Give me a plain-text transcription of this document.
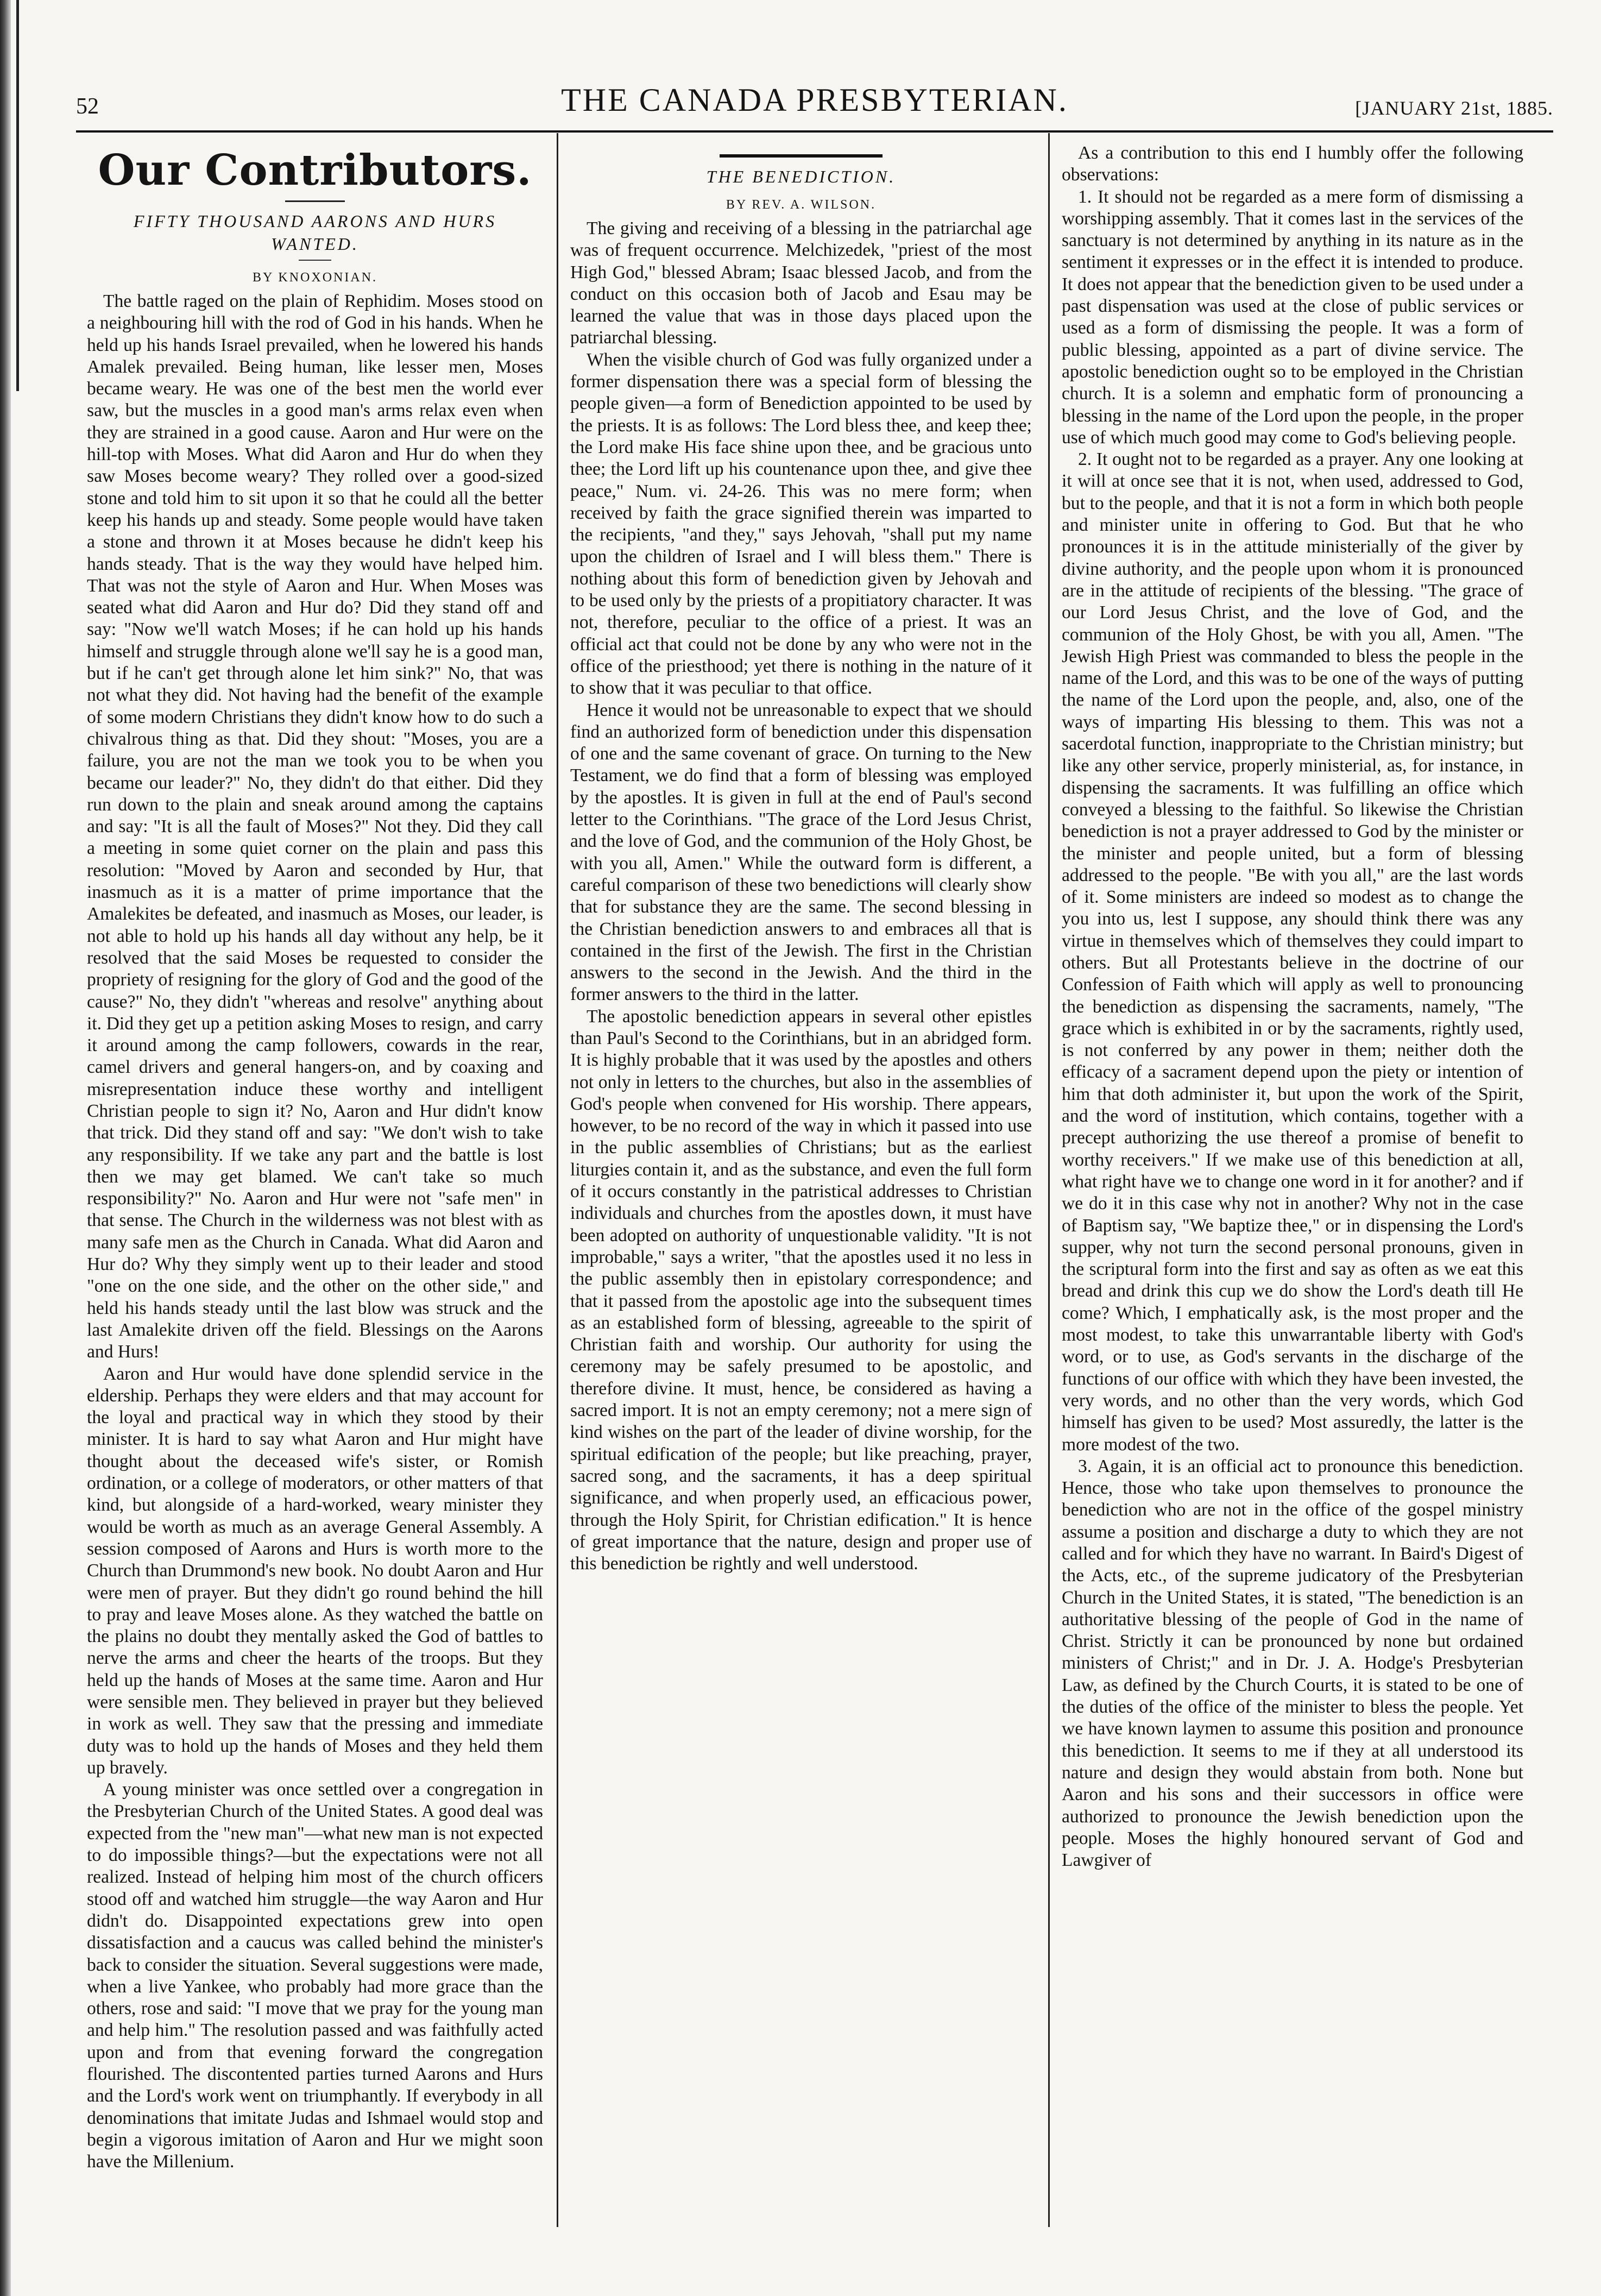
52	THE CANADA PRESBYTERIAN.	[JANUARY 21st, 1885.
Our Contributors.
FIFTY THOUSAND AARONS AND HURS WANTED.
BY KNOXONIAN.

The battle raged on the plain of Rephidim. Moses stood on a neighbouring hill with the rod of God in his hands. When he held up his hands Israel prevailed, when he lowered his hands Amalek prevailed. Being human, like lesser men, Moses became weary. He was one of the best men the world ever saw, but the muscles in a good man's arms relax even when they are strained in a good cause. Aaron and Hur were on the hill-top with Moses. What did Aaron and Hur do when they saw Moses become weary? They rolled over a good-sized stone and told him to sit upon it so that he could all the better keep his hands up and steady. Some people would have taken a stone and thrown it at Moses because he didn't keep his hands steady. That is the way they would have helped him. That was not the style of Aaron and Hur. When Moses was seated what did Aaron and Hur do? Did they stand off and say: "Now we'll watch Moses; if he can hold up his hands himself and struggle through alone we'll say he is a good man, but if he can't get through alone let him sink?" No, that was not what they did. Not having had the benefit of the example of some modern Christians they didn't know how to do such a chivalrous thing as that. Did they shout: "Moses, you are a failure, you are not the man we took you to be when you became our leader?" No, they didn't do that either. Did they run down to the plain and sneak around among the captains and say: "It is all the fault of Moses?" Not they. Did they call a meeting in some quiet corner on the plain and pass this resolution: "Moved by Aaron and seconded by Hur, that inasmuch as it is a matter of prime importance that the Amalekites be defeated, and inasmuch as Moses, our leader, is not able to hold up his hands all day without any help, be it resolved that the said Moses be requested to consider the propriety of resigning for the glory of God and the good of the cause?" No, they didn't "whereas and resolve" anything about it. Did they get up a petition asking Moses to resign, and carry it around among the camp followers, cowards in the rear, camel drivers and general hangers-on, and by coaxing and misrepresentation induce these worthy and intelligent Christian people to sign it? No, Aaron and Hur didn't know that trick. Did they stand off and say: "We don't wish to take any responsibility. If we take any part and the battle is lost then we may get blamed. We can't take so much responsibility?" No. Aaron and Hur were not "safe men" in that sense. The Church in the wilderness was not blest with as many safe men as the Church in Canada. What did Aaron and Hur do? Why they simply went up to their leader and stood "one on the one side, and the other on the other side," and held his hands steady until the last blow was struck and the last Amalekite driven off the field. Blessings on the Aarons and Hurs!

Aaron and Hur would have done splendid service in the eldership. Perhaps they were elders and that may account for the loyal and practical way in which they stood by their minister. It is hard to say what Aaron and Hur might have thought about the deceased wife's sister, or Romish ordination, or a college of moderators, or other matters of that kind, but alongside of a hard-worked, weary minister they would be worth as much as an average General Assembly. A session composed of Aarons and Hurs is worth more to the Church than Drummond's new book. No doubt Aaron and Hur were men of prayer. But they didn't go round behind the hill to pray and leave Moses alone. As they watched the battle on the plains no doubt they mentally asked the God of battles to nerve the arms and cheer the hearts of the troops. But they held up the hands of Moses at the same time. Aaron and Hur were sensible men. They believed in prayer but they believed in work as well. They saw that the pressing and immediate duty was to hold up the hands of Moses and they held them up bravely.

A young minister was once settled over a congregation in the Presbyterian Church of the United States. A good deal was expected from the "new man"—what new man is not expected to do impossible things?—but the expectations were not all realized. Instead of helping him most of the church officers stood off and watched him struggle—the way Aaron and Hur didn't do. Disappointed expectations grew into open dissatisfaction and a caucus was called behind the minister's back to consider the situation. Several suggestions were made, when a live Yankee, who probably had more grace than the others, rose and said: "I move that we pray for the young man and help him." The resolution passed and was faithfully acted upon and from that evening forward the congregation flourished. The discontented parties turned Aarons and Hurs and the Lord's work went on triumphantly. If everybody in all denominations that imitate Judas and Ishmael would stop and begin a vigorous imitation of Aaron and Hur we might soon have the Millenium.

THE BENEDICTION.
BY REV. A. WILSON.

The giving and receiving of a blessing in the patriarchal age was of frequent occurrence. Melchizedek, "priest of the most High God," blessed Abram; Isaac blessed Jacob, and from the conduct on this occasion both of Jacob and Esau may be learned the value that was in those days placed upon the patriarchal blessing.

When the visible church of God was fully organized under a former dispensation there was a special form of blessing the people given—a form of Benediction appointed to be used by the priests. It is as follows: The Lord bless thee, and keep thee; the Lord make His face shine upon thee, and be gracious unto thee; the Lord lift up his countenance upon thee, and give thee peace," Num. vi. 24-26. This was no mere form; when received by faith the grace signified therein was imparted to the recipients, "and they," says Jehovah, "shall put my name upon the children of Israel and I will bless them." There is nothing about this form of benediction given by Jehovah and to be used only by the priests of a propitiatory character. It was not, therefore, peculiar to the office of a priest. It was an official act that could not be done by any who were not in the office of the priesthood; yet there is nothing in the nature of it to show that it was peculiar to that office.

Hence it would not be unreasonable to expect that we should find an authorized form of benediction under this dispensation of one and the same covenant of grace. On turning to the New Testament, we do find that a form of blessing was employed by the apostles. It is given in full at the end of Paul's second letter to the Corinthians. "The grace of the Lord Jesus Christ, and the love of God, and the communion of the Holy Ghost, be with you all, Amen." While the outward form is different, a careful comparison of these two benedictions will clearly show that for substance they are the same. The second blessing in the Christian benediction answers to and embraces all that is contained in the first of the Jewish. The first in the Christian answers to the second in the Jewish. And the third in the former answers to the third in the latter.

The apostolic benediction appears in several other epistles than Paul's Second to the Corinthians, but in an abridged form. It is highly probable that it was used by the apostles and others not only in letters to the churches, but also in the assemblies of God's people when convened for His worship. There appears, however, to be no record of the way in which it passed into use in the public assemblies of Christians; but as the earliest liturgies contain it, and as the substance, and even the full form of it occurs constantly in the patristical addresses to Christian individuals and churches from the apostles down, it must have been adopted on authority of unquestionable validity. "It is not improbable," says a writer, "that the apostles used it no less in the public assembly then in epistolary correspondence; and that it passed from the apostolic age into the subsequent times as an established form of blessing, agreeable to the spirit of Christian faith and worship. Our authority for using the ceremony may be safely presumed to be apostolic, and therefore divine. It must, hence, be considered as having a sacred import. It is not an empty ceremony; not a mere sign of kind wishes on the part of the leader of divine worship, for the spiritual edification of the people; but like preaching, prayer, sacred song, and the sacraments, it has a deep spiritual significance, and when properly used, an efficacious power, through the Holy Spirit, for Christian edification." It is hence of great importance that the nature, design and proper use of this benediction be rightly and well understood.

As a contribution to this end I humbly offer the following observations:

1. It should not be regarded as a mere form of dismissing a worshipping assembly. That it comes last in the services of the sanctuary is not determined by anything in its nature as in the sentiment it expresses or in the effect it is intended to produce. It does not appear that the benediction given to be used under a past dispensation was used at the close of public services or used as a form of dismissing the people. It was a form of public blessing, appointed as a part of divine service. The apostolic benediction ought so to be employed in the Christian church. It is a solemn and emphatic form of pronouncing a blessing in the name of the Lord upon the people, in the proper use of which much good may come to God's believing people.

2. It ought not to be regarded as a prayer. Any one looking at it will at once see that it is not, when used, addressed to God, but to the people, and that it is not a form in which both people and minister unite in offering to God. But that he who pronounces it is in the attitude ministerially of the giver by divine authority, and the people upon whom it is pronounced are in the attitude of recipients of the blessing. "The grace of our Lord Jesus Christ, and the love of God, and the communion of the Holy Ghost, be with you all, Amen. "The Jewish High Priest was commanded to bless the people in the name of the Lord, and this was to be one of the ways of putting the name of the Lord upon the people, and, also, one of the ways of imparting His blessing to them. This was not a sacerdotal function, inappropriate to the Christian ministry; but like any other service, properly ministerial, as, for instance, in dispensing the sacraments. It was fulfilling an office which conveyed a blessing to the faithful. So likewise the Christian benediction is not a prayer addressed to God by the minister or the minister and people united, but a form of blessing addressed to the people. "Be with you all," are the last words of it. Some ministers are indeed so modest as to change the you into us, lest I suppose, any should think there was any virtue in themselves which of themselves they could impart to others. But all Protestants believe in the doctrine of our Confession of Faith which will apply as well to pronouncing the benediction as dispensing the sacraments, namely, "The grace which is exhibited in or by the sacraments, rightly used, is not conferred by any power in them; neither doth the efficacy of a sacrament depend upon the piety or intention of him that doth administer it, but upon the work of the Spirit, and the word of institution, which contains, together with a precept authorizing the use thereof a promise of benefit to worthy receivers." If we make use of this benediction at all, what right have we to change one word in it for another? and if we do it in this case why not in another? Why not in the case of Baptism say, "We baptize thee," or in dispensing the Lord's supper, why not turn the second personal pronouns, given in the scriptural form into the first and say as often as we eat this bread and drink this cup we do show the Lord's death till He come? Which, I emphatically ask, is the most proper and the most modest, to take this unwarrantable liberty with God's word, or to use, as God's servants in the discharge of the functions of our office with which they have been invested, the very words, and no other than the very words, which God himself has given to be used? Most assuredly, the latter is the more modest of the two.

3. Again, it is an official act to pronounce this benediction. Hence, those who take upon themselves to pronounce the benediction who are not in the office of the gospel ministry assume a position and discharge a duty to which they are not called and for which they have no warrant. In Baird's Digest of the Acts, etc., of the supreme judicatory of the Presbyterian Church in the United States, it is stated, "The benediction is an authoritative blessing of the people of God in the name of Christ. Strictly it can be pronounced by none but ordained ministers of Christ;" and in Dr. J. A. Hodge's Presbyterian Law, as defined by the Church Courts, it is stated to be one of the duties of the office of the minister to bless the people. Yet we have known laymen to assume this position and pronounce this benediction. It seems to me if they at all understood its nature and design they would abstain from both. None but Aaron and his sons and their successors in office were authorized to pronounce the Jewish benediction upon the people. Moses the highly honoured servant of God and Lawgiver of
